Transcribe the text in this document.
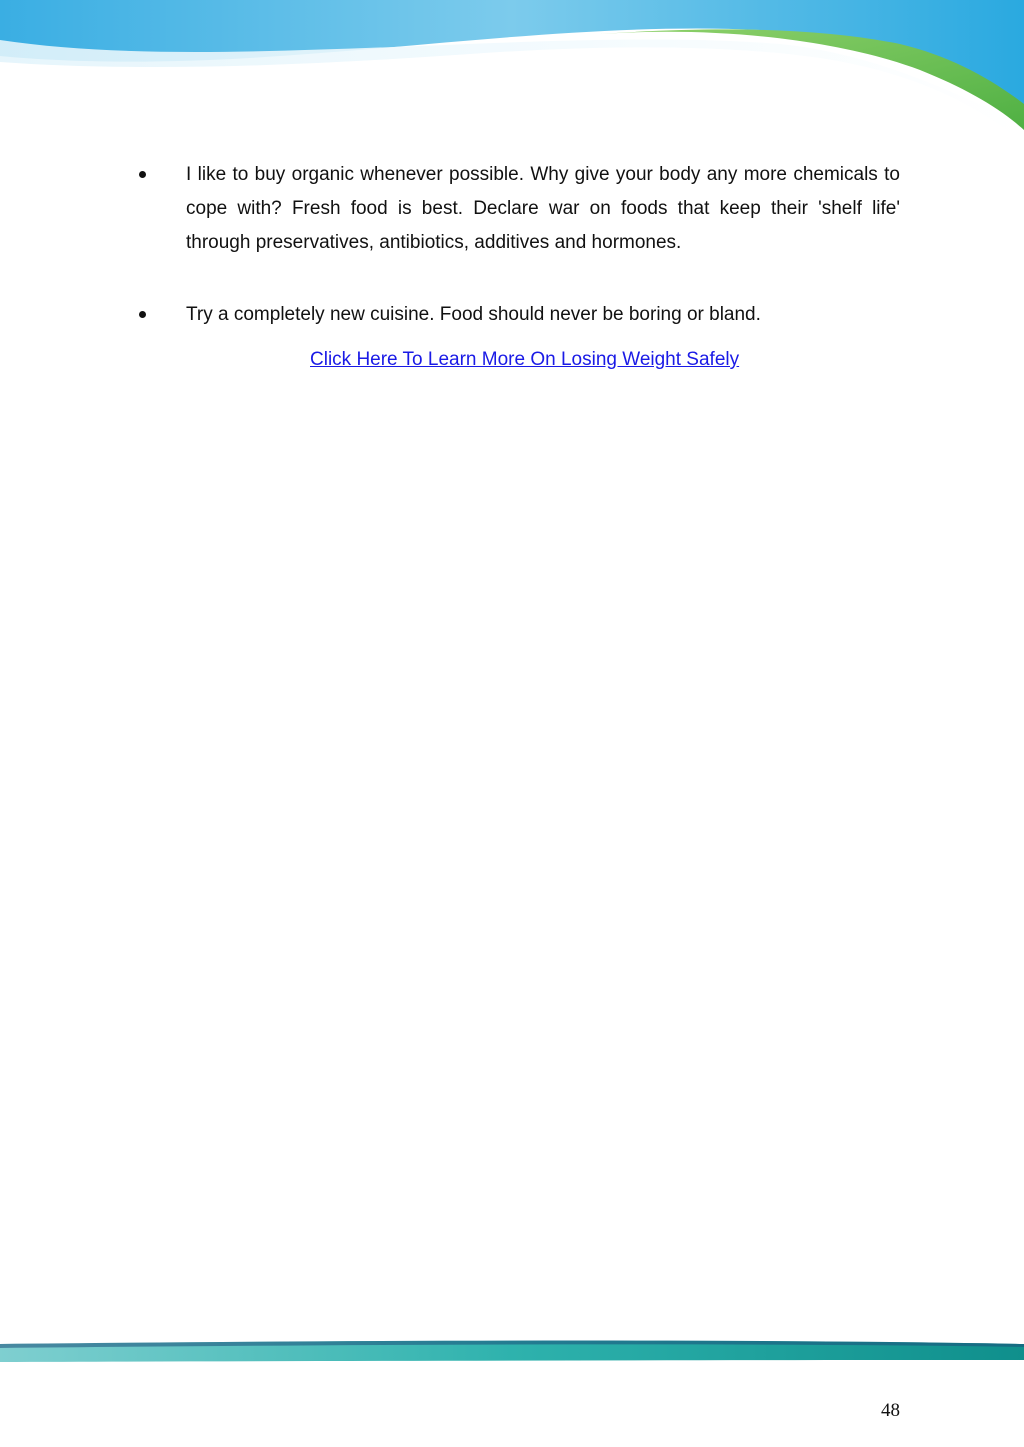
I like to buy organic whenever possible. Why give your body any more chemicals to cope with? Fresh food is best. Declare war on foods that keep their 'shelf life' through preservatives, antibiotics, additives and hormones.
Try a completely new cuisine. Food should never be boring or bland.
Click Here To Learn More On Losing Weight Safely
48
